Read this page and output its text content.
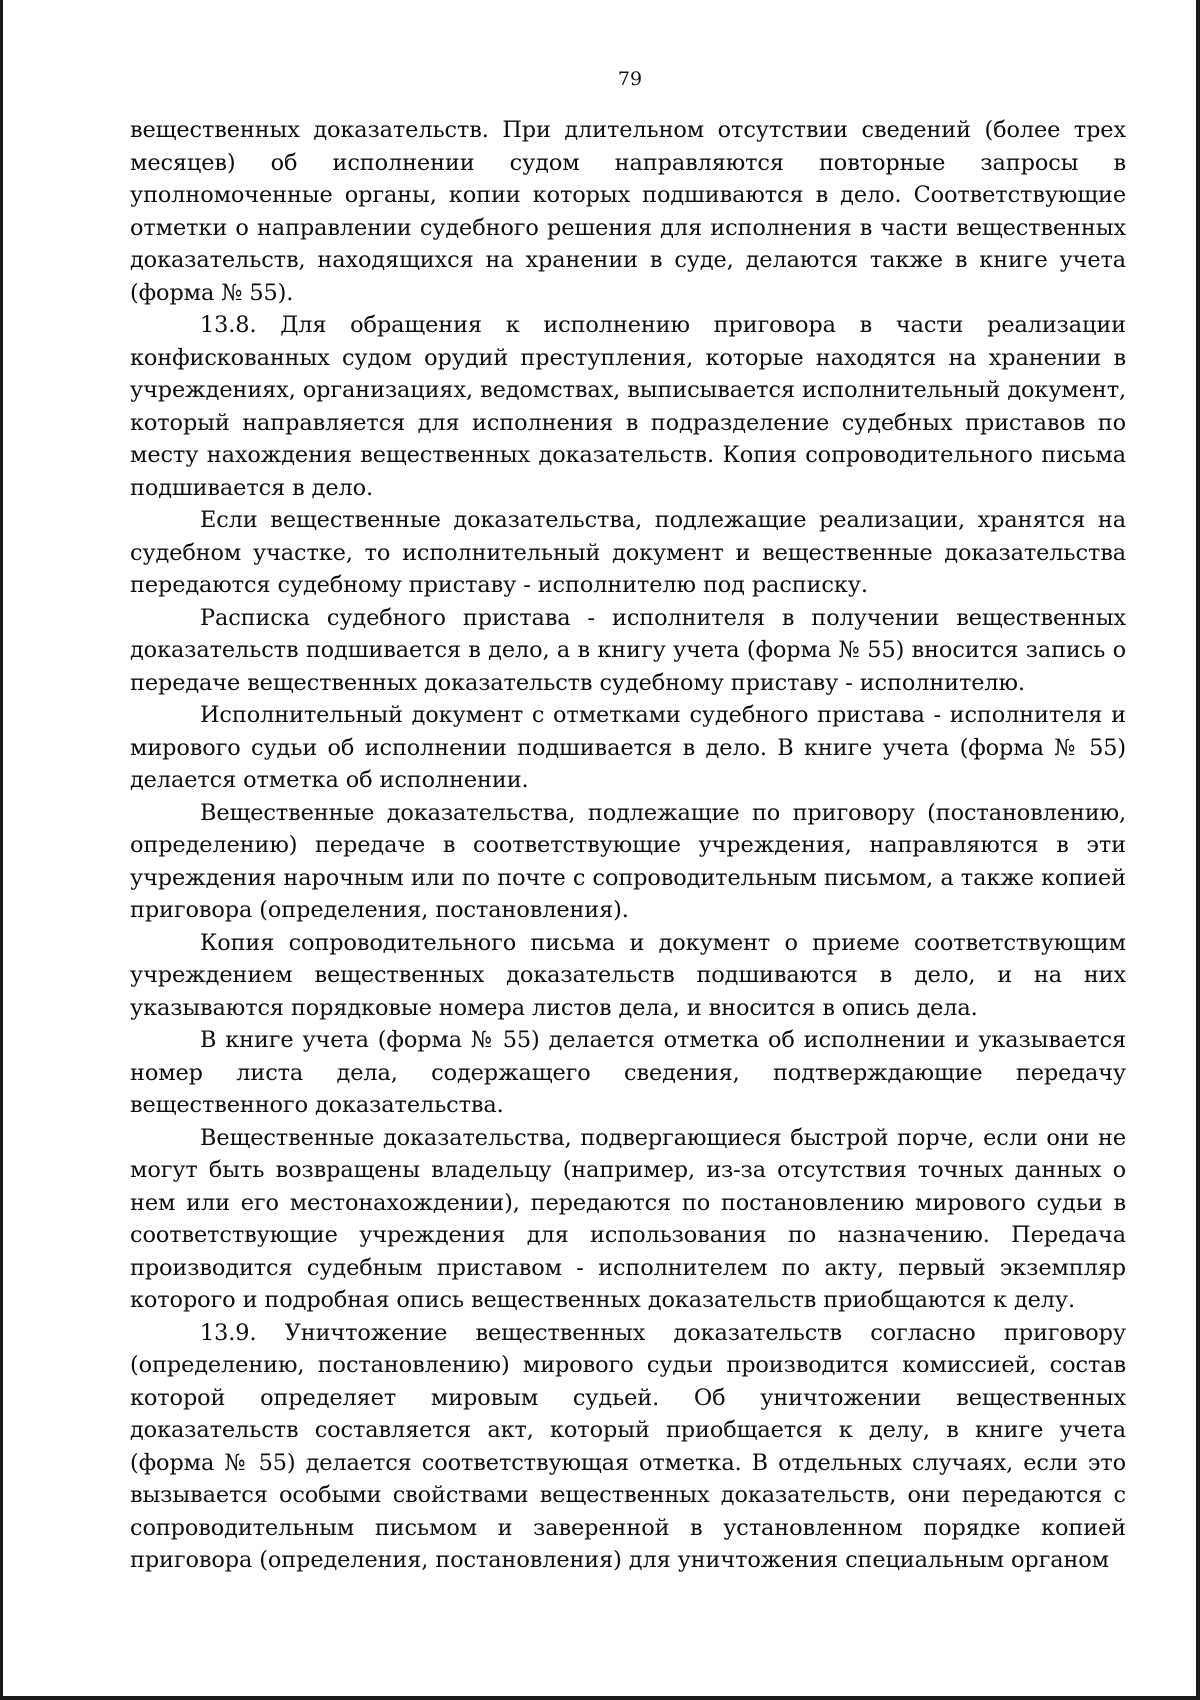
79

вещественных доказательств. При длительном отсутствии сведений (более трех месяцев) об исполнении судом направляются повторные запросы в уполномоченные органы, копии которых подшиваются в дело. Соответствующие отметки о направлении судебного решения для исполнения в части вещественных доказательств, находящихся на хранении в суде, делаются также в книге учета (форма № 55).

13.8. Для обращения к исполнению приговора в части реализации конфискованных судом орудий преступления, которые находятся на хранении в учреждениях, организациях, ведомствах, выписывается исполнительный документ, который направляется для исполнения в подразделение судебных приставов по месту нахождения вещественных доказательств. Копия сопроводительного письма подшивается в дело.

Если вещественные доказательства, подлежащие реализации, хранятся на судебном участке, то исполнительный документ и вещественные доказательства передаются судебному приставу - исполнителю под расписку.

Расписка судебного пристава - исполнителя в получении вещественных доказательств подшивается в дело, а в книгу учета (форма № 55) вносится запись о передаче вещественных доказательств судебному приставу - исполнителю.

Исполнительный документ с отметками судебного пристава - исполнителя и мирового судьи об исполнении подшивается в дело. В книге учета (форма № 55) делается отметка об исполнении.

Вещественные доказательства, подлежащие по приговору (постановлению, определению) передаче в соответствующие учреждения, направляются в эти учреждения нарочным или по почте с сопроводительным письмом, а также копией приговора (определения, постановления).

Копия сопроводительного письма и документ о приеме соответствующим учреждением вещественных доказательств подшиваются в дело, и на них указываются порядковые номера листов дела, и вносится в опись дела.

В книге учета (форма № 55) делается отметка об исполнении и указывается номер листа дела, содержащего сведения, подтверждающие передачу вещественного доказательства.

Вещественные доказательства, подвергающиеся быстрой порче, если они не могут быть возвращены владельцу (например, из-за отсутствия точных данных о нем или его местонахождении), передаются по постановлению мирового судьи в соответствующие учреждения для использования по назначению. Передача производится судебным приставом - исполнителем по акту, первый экземпляр которого и подробная опись вещественных доказательств приобщаются к делу.

13.9. Уничтожение вещественных доказательств согласно приговору (определению, постановлению) мирового судьи производится комиссией, состав которой определяет мировым судьей. Об уничтожении вещественных доказательств составляется акт, который приобщается к делу, в книге учета (форма № 55) делается соответствующая отметка. В отдельных случаях, если это вызывается особыми свойствами вещественных доказательств, они передаются с сопроводительным письмом и заверенной в установленном порядке копией приговора (определения, постановления) для уничтожения специальным органом
